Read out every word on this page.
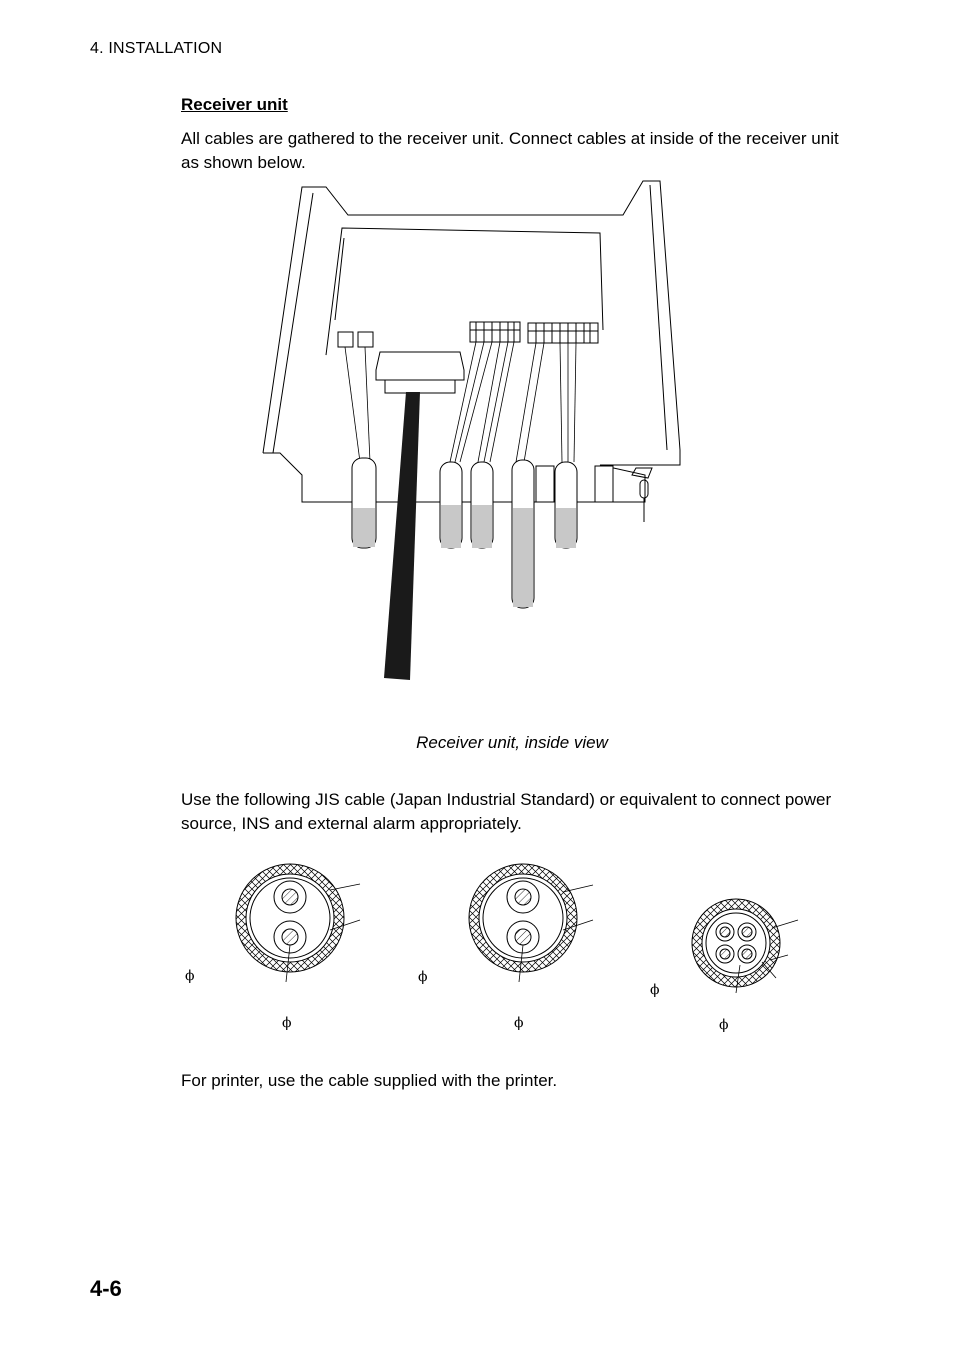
4. INSTALLATION
Receiver unit
All cables are gathered to the receiver unit. Connect cables at inside of the receiver unit as shown below.
Receiver unit, inside view
Use the following JIS cable (Japan Industrial Standard) or equivalent to connect power source, INS and external alarm appropriately.
ϕ
ϕ
ϕ
ϕ
ϕ
ϕ
For printer, use the cable supplied with the printer.
4-6
